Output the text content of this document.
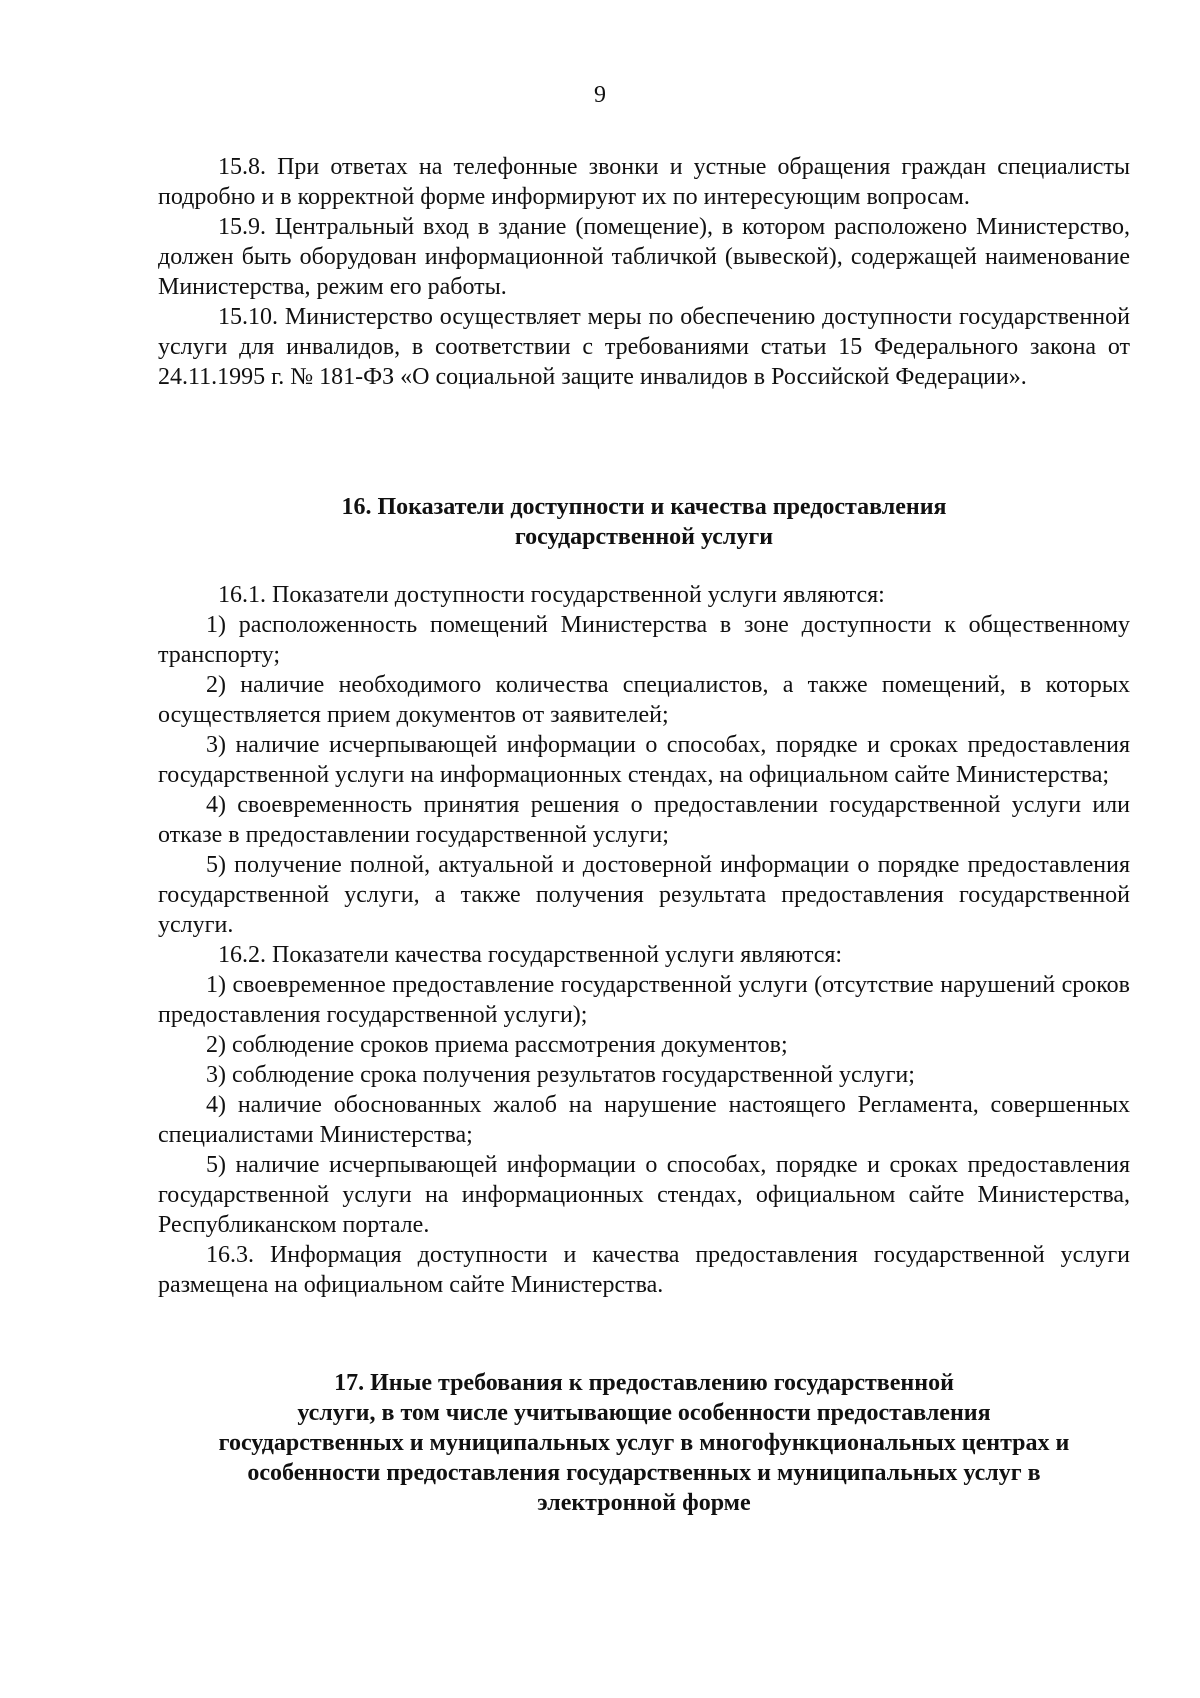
9

15.8. При ответах на телефонные звонки и устные обращения граждан специалисты подробно и в корректной форме информируют их по интересующим вопросам.

15.9. Центральный вход в здание (помещение), в котором расположено Министерство, должен быть оборудован информационной табличкой (вывеской), содержащей наименование Министерства, режим его работы.

15.10. Министерство осуществляет меры по обеспечению доступности государственной услуги для инвалидов, в соответствии с требованиями статьи 15 Федерального закона от 24.11.1995 г. № 181-ФЗ «О социальной защите инвалидов в Российской Федерации».

16. Показатели доступности и качества предоставления
государственной услуги

16.1. Показатели доступности государственной услуги являются:

1) расположенность помещений Министерства в зоне доступности к общественному транспорту;

2) наличие необходимого количества специалистов, а также помещений, в которых осуществляется прием документов от заявителей;

3) наличие исчерпывающей информации о способах, порядке и сроках предоставления государственной услуги на информационных стендах, на официальном сайте Министерства;

4) своевременность принятия решения о предоставлении государственной услуги или отказе в предоставлении государственной услуги;

5) получение полной, актуальной и достоверной информации о порядке предоставления государственной услуги, а также получения результата предоставления государственной услуги.

16.2. Показатели качества государственной услуги являются:

1) своевременное предоставление государственной услуги (отсутствие нарушений сроков предоставления государственной услуги);

2) соблюдение сроков приема рассмотрения документов;

3) соблюдение срока получения результатов государственной услуги;

4) наличие обоснованных жалоб на нарушение настоящего Регламента, совершенных специалистами Министерства;

5) наличие исчерпывающей информации о способах, порядке и сроках предоставления государственной услуги на информационных стендах, официальном сайте Министерства, Республиканском портале.

16.3. Информация доступности и качества предоставления государственной услуги размещена на официальном сайте Министерства.

17. Иные требования к предоставлению государственной
услуги, в том числе учитывающие особенности предоставления
государственных и муниципальных услуг в многофункциональных центрах и
особенности предоставления государственных и муниципальных услуг в
электронной форме
